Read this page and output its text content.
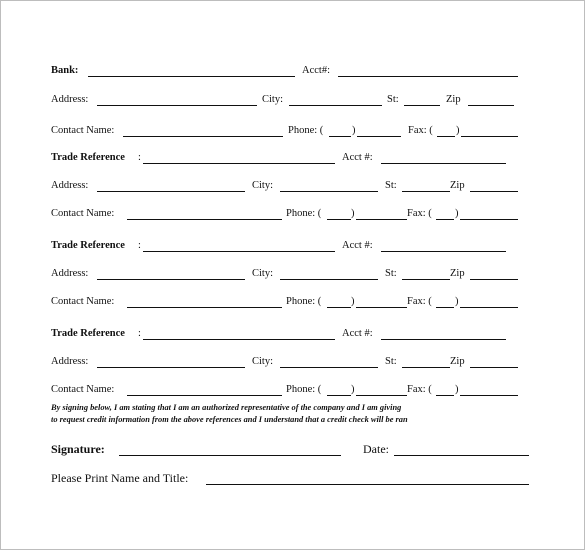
Bank:	Acct#:
Address:	City:	St:	Zip
Contact Name:	Phone: (	)	Fax: ( )
Trade Reference :	Acct #:
Address:	City:	St:	Zip
Contact Name:	Phone: (	)	Fax: ( )
Trade Reference :	Acct #:
Address:	City:	St:	Zip
Contact Name:	Phone: (	)	Fax: ( )
Trade Reference :	Acct #:
Address:	City:	St:	Zip
Contact Name:	Phone: (	)	Fax: ( )
By signing below, I am stating that I am an authorized representative of the company and I am giving
to request credit information from the above references and I understand that a credit check will be ran
Signature:	Date:
Please Print Name and Title:
